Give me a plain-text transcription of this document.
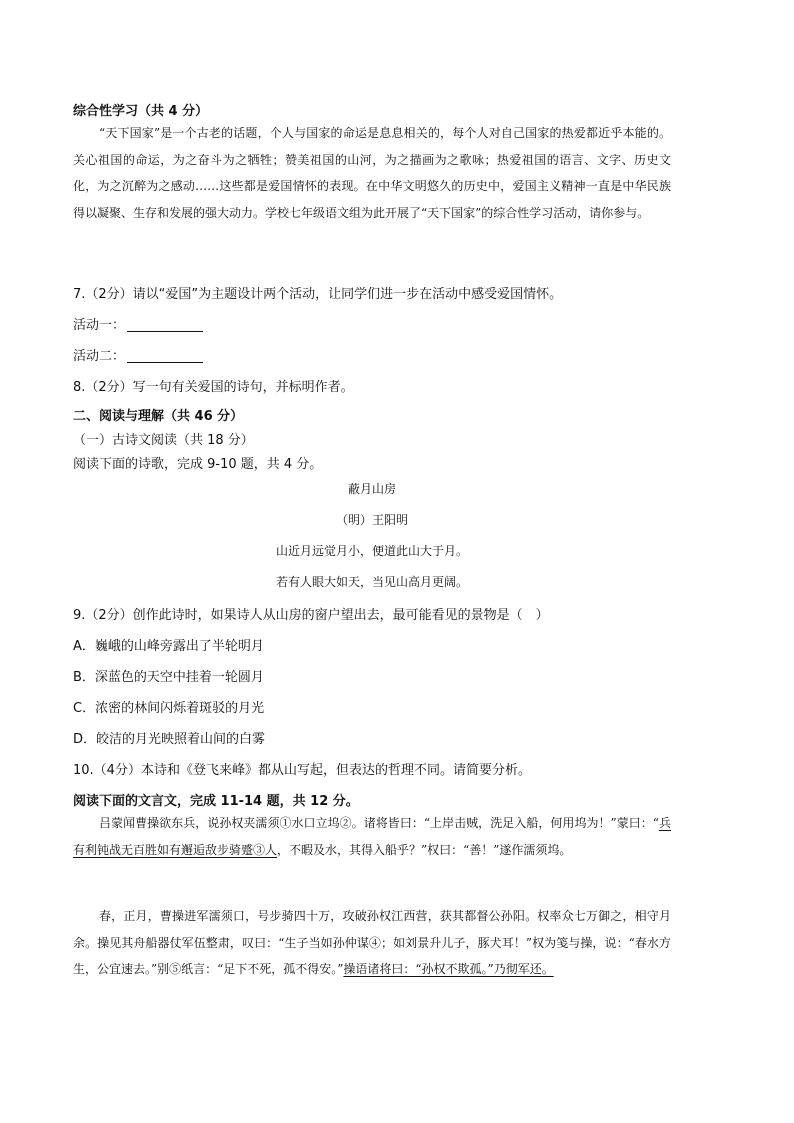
综合性学习（共 4 分）
“天下国家”是一个古老的话题，个人与国家的命运是息息相关的，每个人对自己国家的热爱都近乎本能的。关心祖国的命运，为之奋斗为之牺牲；赞美祖国的山河，为之描画为之歌咏；热爱祖国的语言、文字、历史文化，为之沉醉为之感动……这些都是爱国情怀的表现。在中华文明悠久的历史中，爱国主义精神一直是中华民族得以凝聚、生存和发展的强大动力。学校七年级语文组为此开展了“天下国家”的综合性学习活动，请你参与。
7.（2分）请以“爱国”为主题设计两个活动，让同学们进一步在活动中感受爱国情怀。
活动一：
活动二：
8.（2分）写一句有关爱国的诗句，并标明作者。
二、阅读与理解（共 46 分）
（一）古诗文阅读（共 18 分）
阅读下面的诗歌，完成 9-10 题，共 4 分。
蔽月山房
（明）王阳明
山近月远觉月小，便道此山大于月。
若有人眼大如天，当见山高月更阔。
9.（2分）创作此诗时，如果诗人从山房的窗户望出去，最可能看见的景物是（　）
A．巍峨的山峰旁露出了半轮明月
B．深蓝色的天空中挂着一轮圆月
C．浓密的林间闪烁着斑驳的月光
D．皎洁的月光映照着山间的白雾
10.（4分）本诗和《登飞来峰》都从山写起，但表达的哲理不同。请简要分析。
阅读下面的文言文，完成 11-14 题，共 12 分。
吕蒙闻曹操欲东兵，说孙权夹濡须①水口立坞②。诸将皆曰：“上岸击贼，洗足入船，何用坞为！”蒙曰：“兵有利钝战无百胜如有邂逅敌步骑蹙③人，不暇及水，其得入船乎？”权曰：“善！”遂作濡须坞。
春，正月，曹操进军濡须口，号步骑四十万，攻破孙权江西营，获其都督公孙阳。权率众七万御之，相守月余。操见其舟船器仗军伍整肃，叹曰：“生子当如孙仲谋④；如刘景升儿子，豚犬耳！”权为笺与操，说：“春水方生，公宜速去。”别⑤纸言：“足下不死，孤不得安。”操语诸将曰：“孙权不欺孤。”乃彻军还。
